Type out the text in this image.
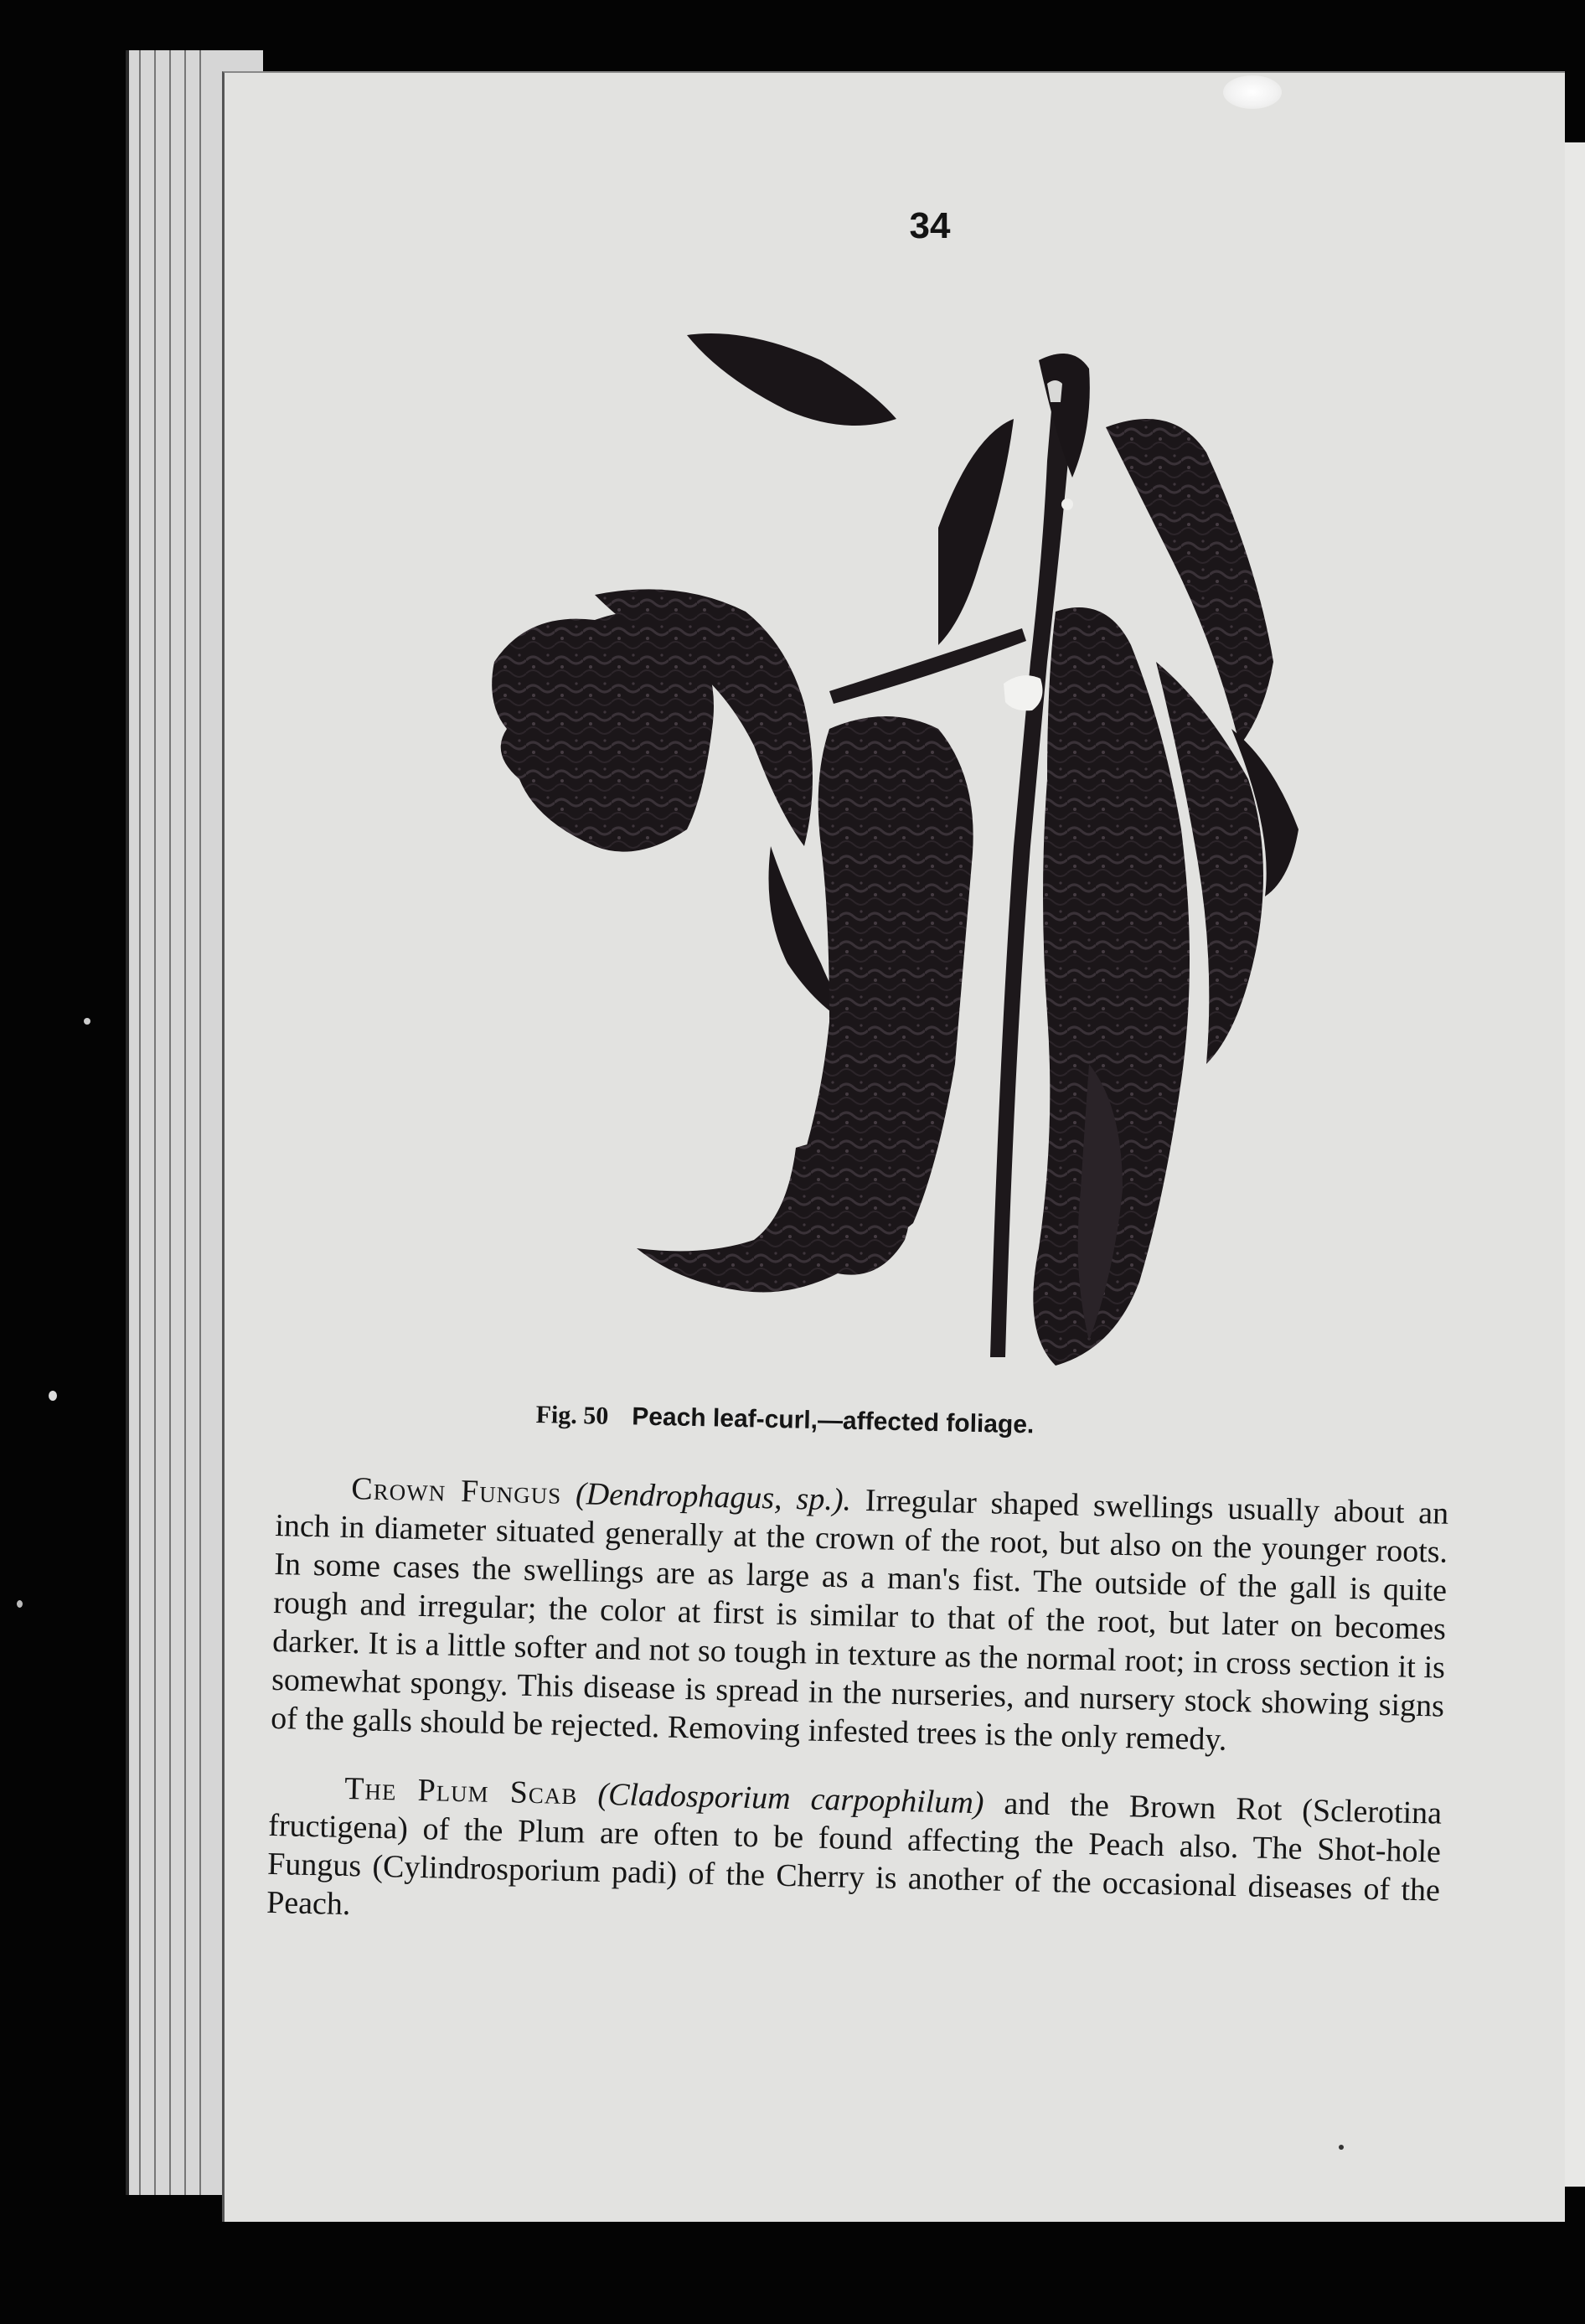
34

Fig. 50 Peach leaf-curl,—affected foliage.

Crown Fungus (Dendrophagus, sp.). Irregular shaped swellings usually about an inch in diameter situated generally at the crown of the root, but also on the younger roots. In some cases the swellings are as large as a man's fist. The outside of the gall is quite rough and irregular; the color at first is similar to that of the root, but later on becomes darker. It is a little softer and not so tough in texture as the normal root; in cross section it is somewhat spongy. This disease is spread in the nurseries, and nursery stock showing signs of the galls should be rejected. Removing infested trees is the only remedy.

The Plum Scab (Cladosporium carpophilum) and the Brown Rot (Sclerotina fructigena) of the Plum are often to be found affecting the Peach also. The Shot-hole Fungus (Cylindrosporium padi) of the Cherry is another of the occasional diseases of the Peach.
